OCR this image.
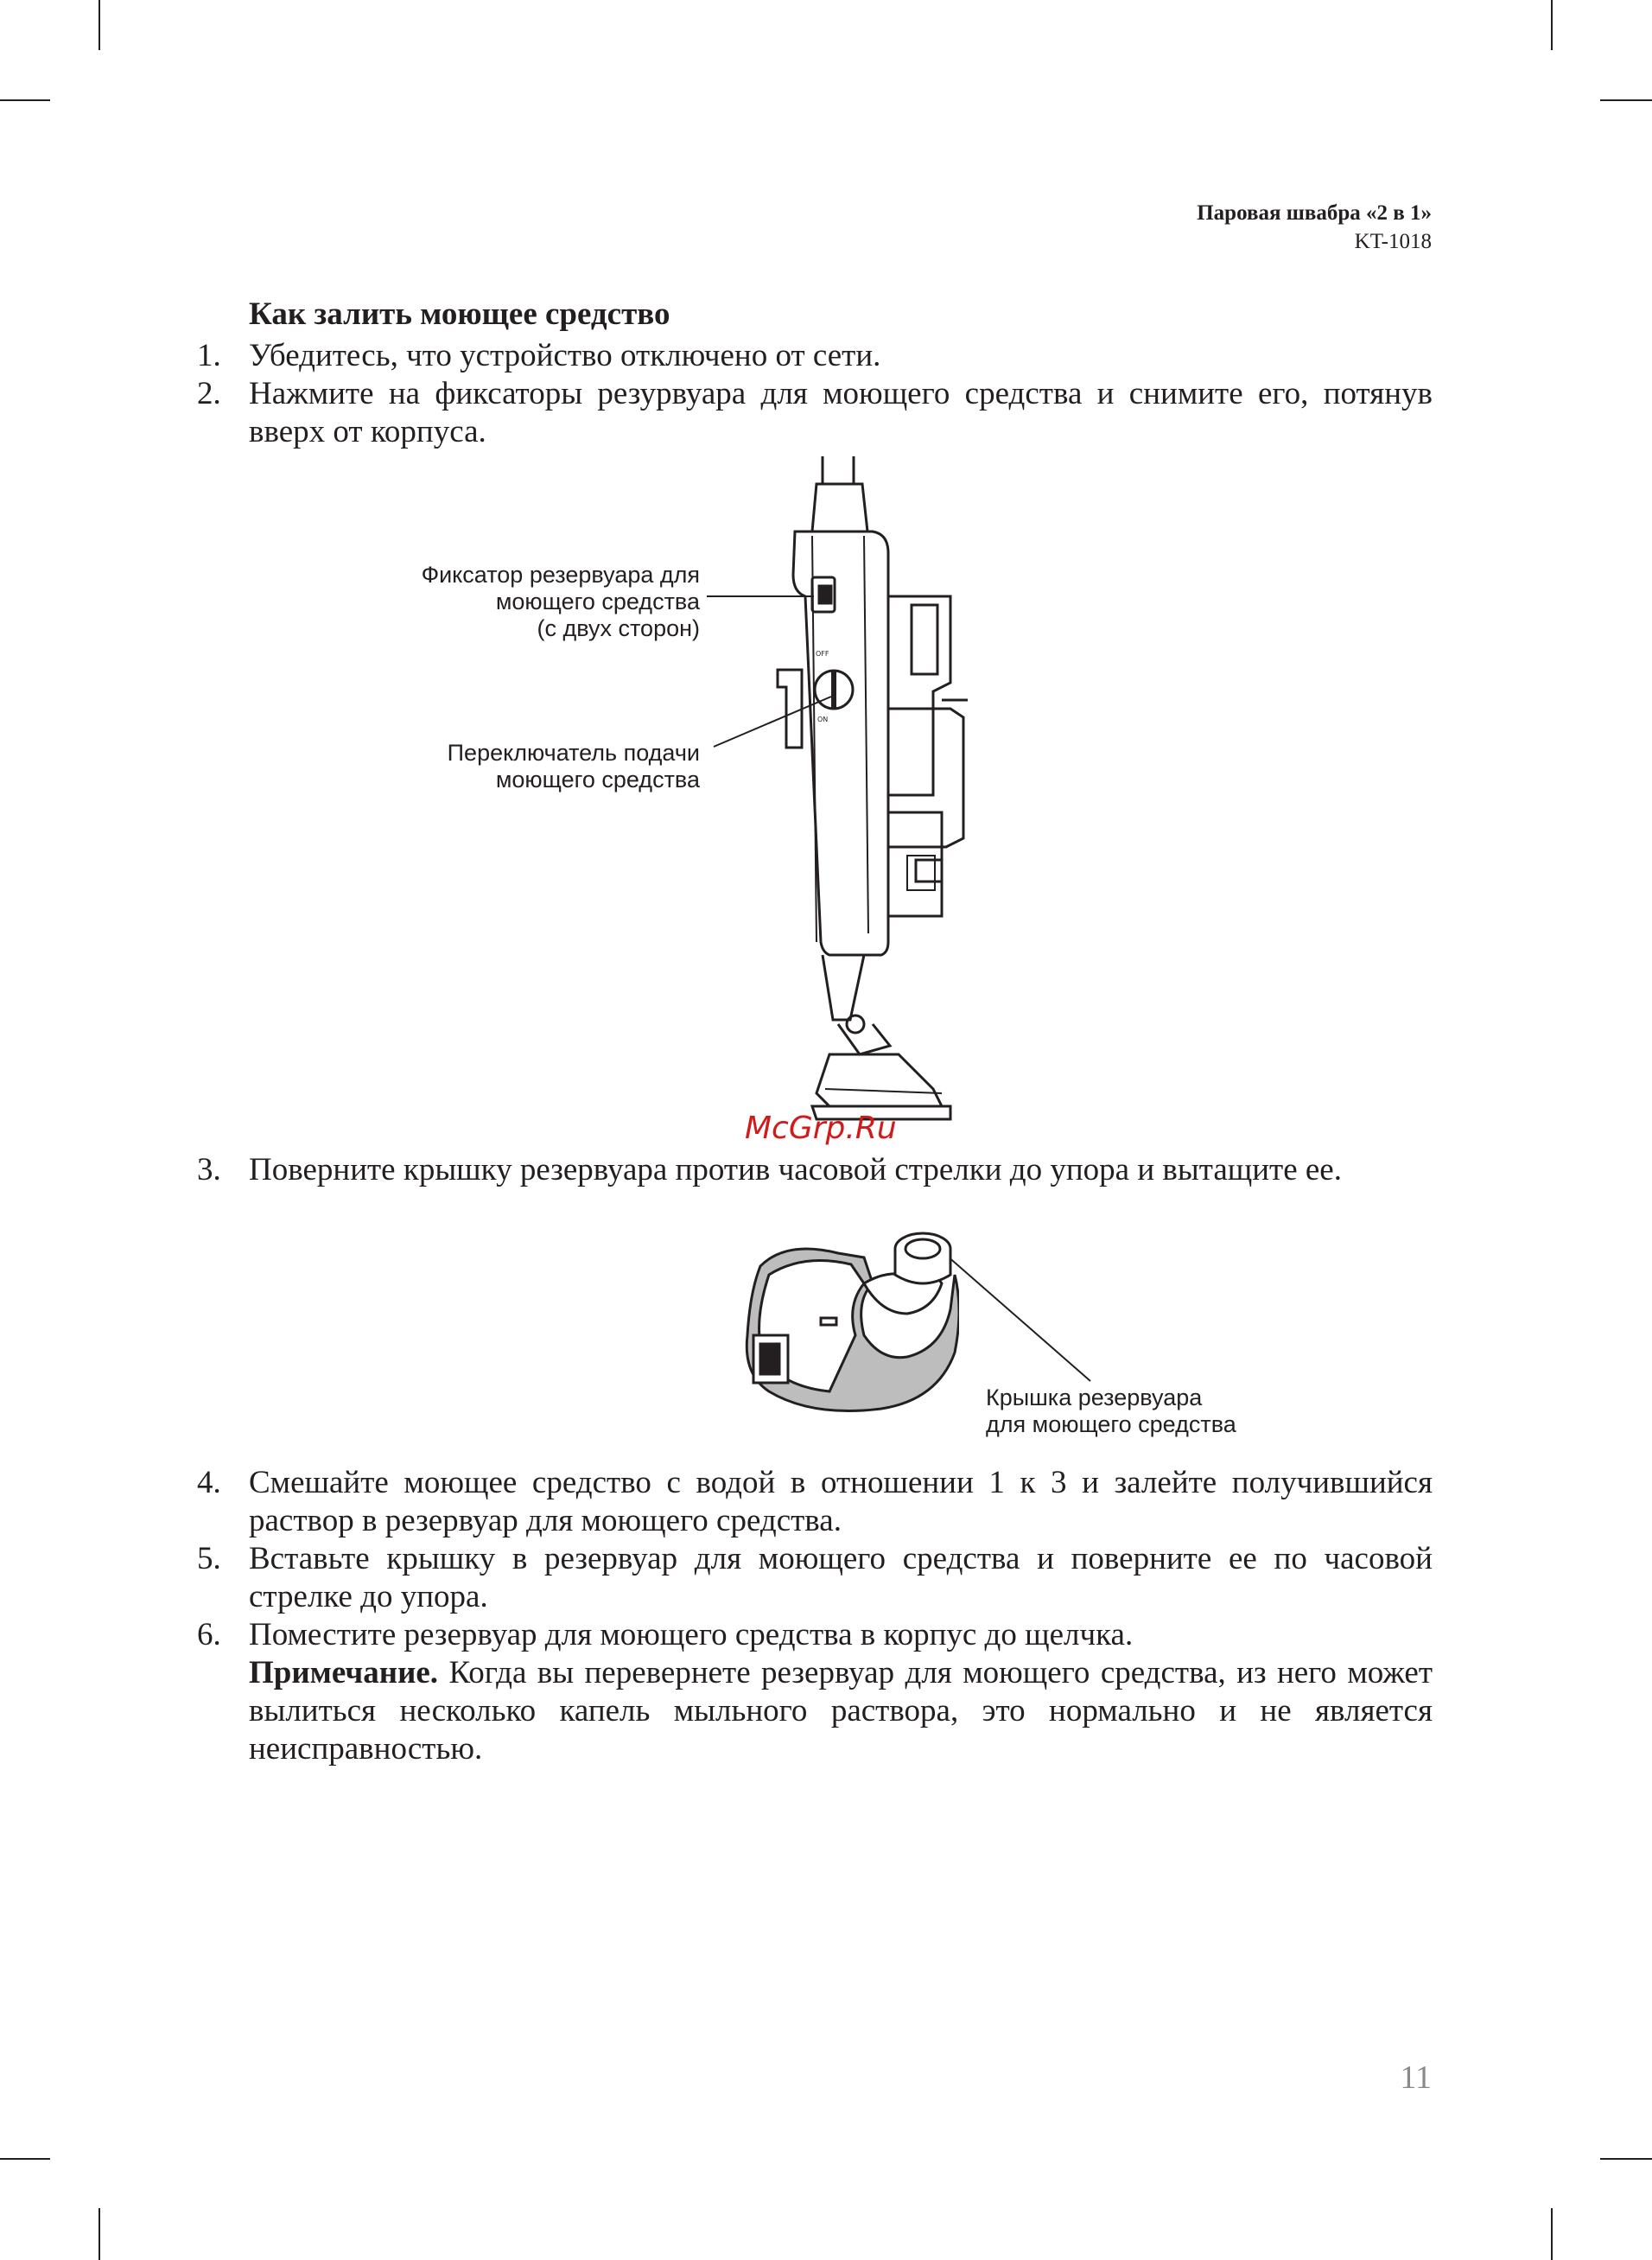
Паровая швабра «2 в 1»
KT-1018
Как залить моющее средство
1. Убедитесь, что устройство отключено от сети.
2. Нажмите на фиксаторы резурвуара для моющего средства и снимите его, потянув вверх от корпуса.
Фиксатор резервуара для
моющего средства
(с двух сторон)
Переключатель подачи
моющего средства
OFF
ON
McGrp.Ru
3. Поверните крышку резервуара против часовой стрелки до упора и вытащите ее.
Крышка резервуара
для моющего средства
4. Смешайте моющее средство с водой в отношении 1 к 3 и залейте получившийся раствор в резервуар для моющего средства.
5. Вставьте крышку в резервуар для моющего средства и поверните ее по часовой стрелке до упора.
6. Поместите резервуар для моющего средства в корпус до щелчка.
Примечание. Когда вы перевернете резервуар для моющего средства, из него может вылиться несколько капель мыльного раствора, это нормально и не является неисправностью.
11
